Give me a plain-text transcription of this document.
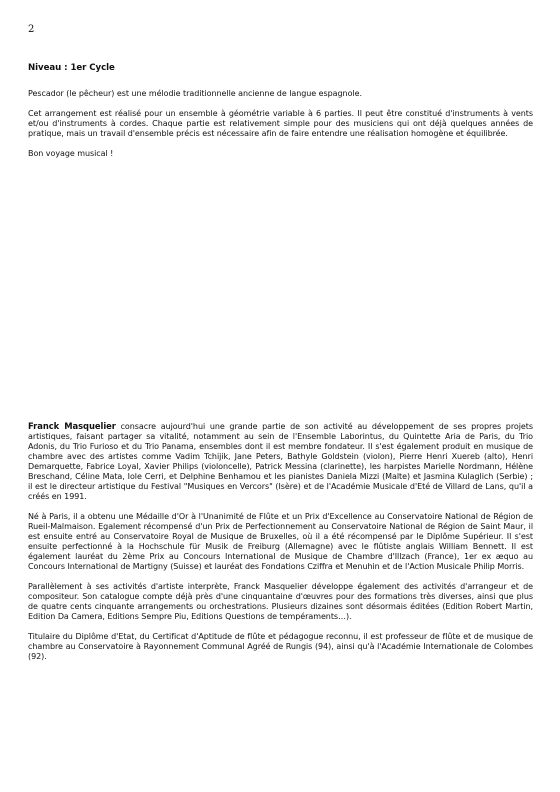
2
Niveau : 1er Cycle

Pescador (le pêcheur) est une mélodie traditionnelle ancienne de langue espagnole.

Cet arrangement est réalisé pour un ensemble à géométrie variable à 6 parties. Il peut être constitué d'instruments à vents et/ou d'instruments à cordes. Chaque partie est relativement simple pour des musiciens qui ont déjà quelques années de pratique, mais un travail d'ensemble précis est nécessaire afin de faire entendre une réalisation homogène et équilibrée.

Bon voyage musical !

Franck Masquelier consacre aujourd'hui une grande partie de son activité au développement de ses propres projets artistiques, faisant partager sa vitalité, notamment au sein de l'Ensemble Laborintus, du Quintette Aria de Paris, du Trio Adonis, du Trio Furioso et du Trio Panama, ensembles dont il est membre fondateur. Il s'est également produit en musique de chambre avec des artistes comme Vadim Tchijik, Jane Peters, Bathyle Goldstein (violon), Pierre Henri Xuereb (alto), Henri Demarquette, Fabrice Loyal, Xavier Philips (violoncelle), Patrick Messina (clarinette), les harpistes Marielle Nordmann, Hélène Breschand, Céline Mata, Iole Cerri, et Delphine Benhamou et les pianistes Daniela Mizzi (Malte) et Jasmina Kulaglich (Serbie) ; il est le directeur artistique du Festival "Musiques en Vercors" (Isère) et de l'Académie Musicale d'Eté de Villard de Lans, qu'il a créés en 1991.

Né à Paris, il a obtenu une Médaille d'Or à l'Unanimité de Flûte et un Prix d'Excellence au Conservatoire National de Région de Rueil-Malmaison. Egalement récompensé d'un Prix de Perfectionnement au Conservatoire National de Région de Saint Maur, il est ensuite entré au Conservatoire Royal de Musique de Bruxelles, où il a été récompensé par le Diplôme Supérieur. Il s'est ensuite perfectionné à la Hochschule für Musik de Freiburg (Allemagne) avec le flûtiste anglais William Bennett. Il est également lauréat du 2ème Prix au Concours International de Musique de Chambre d'Illzach (France), 1er ex æquo au Concours International de Martigny (Suisse) et lauréat des Fondations Cziffra et Menuhin et de l'Action Musicale Philip Morris.

Parallèlement à ses activités d'artiste interprète, Franck Masquelier développe également des activités d'arrangeur et de compositeur. Son catalogue compte déjà près d'une cinquantaine d'œuvres pour des formations très diverses, ainsi que plus de quatre cents cinquante arrangements ou orchestrations. Plusieurs dizaines sont désormais éditées (Edition Robert Martin, Edition Da Camera, Editions Sempre Piu, Editions Questions de tempéraments…).

Titulaire du Diplôme d'Etat, du Certificat d'Aptitude de flûte et pédagogue reconnu, il est professeur de flûte et de musique de chambre au Conservatoire à Rayonnement Communal Agréé de Rungis (94), ainsi qu'à l'Académie Internationale de Colombes (92).
